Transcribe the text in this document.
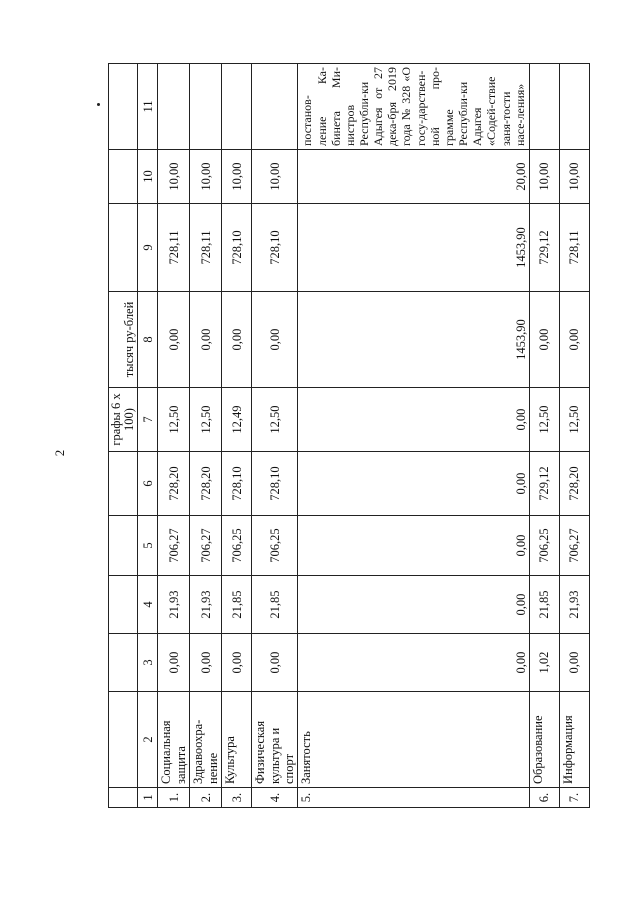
2
						графы 6 х 100)	тысяч ру-блей			
1	2	3	4	5	6	7	8	9	10	11
1.	Социальная защита	0,00	21,93	706,27	728,20	12,50	0,00	728,11	10,00	
2.	Здравоохра-нение	0,00	21,93	706,27	728,20	12,50	0,00	728,11	10,00	
3.	Культура	0,00	21,85	706,25	728,10	12,49	0,00	728,10	10,00	
4.	Физическая культура и спорт	0,00	21,85	706,25	728,10	12,50	0,00	728,10	10,00	
5.	Занятость	0,00	0,00	0,00	0,00	0,00	1453,90	1453,90	20,00	постанов-ление Ка-бинета Ми-нистров Республи-ки Адыгея от 27 дека-бря 2019 года № 328 «О госу-дарствен-ной про-грамме Республи-ки Адыгея «Содей-ствие заня-тости насе-ления»
6.	Образование	1,02	21,85	706,25	729,12	12,50	0,00	729,12	10,00	
7.	Информация	0,00	21,93	706,27	728,20	12,50	0,00	728,11	10,00	
